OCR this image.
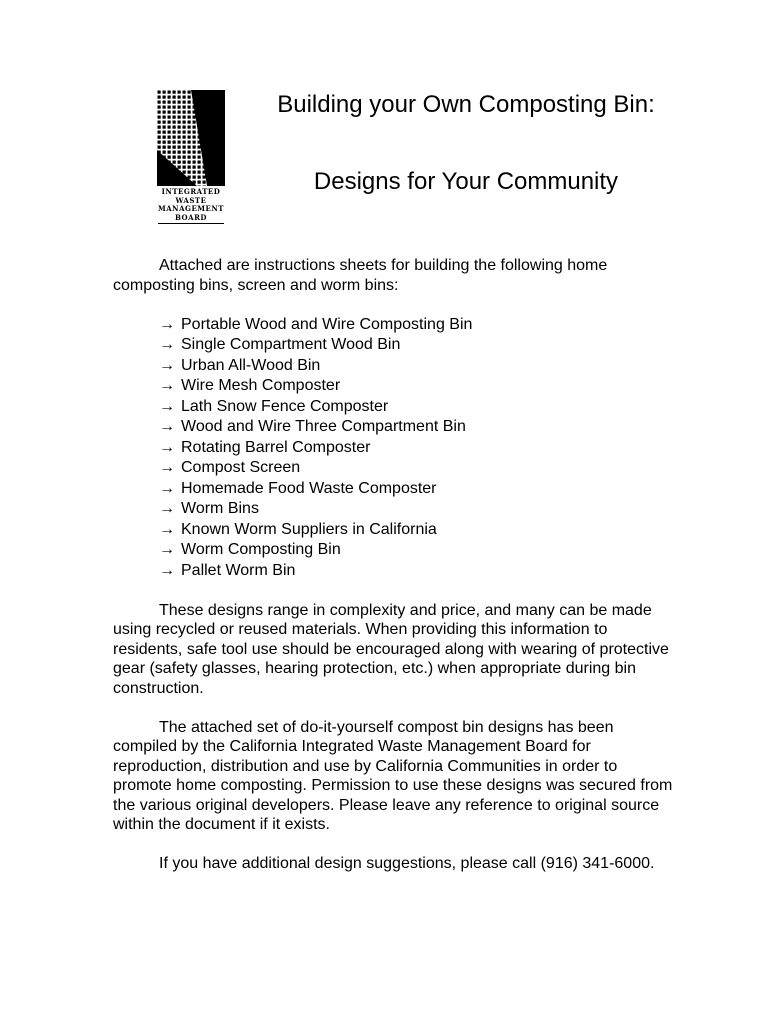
INTEGRATED
WASTE
MANAGEMENT
BOARD
Building your Own Composting Bin:
Designs for Your Community

Attached are instructions sheets for building the following home composting bins, screen and worm bins:

→ Portable Wood and Wire Composting Bin
→ Single Compartment Wood Bin
→ Urban All-Wood Bin
→ Wire Mesh Composter
→ Lath Snow Fence Composter
→ Wood and Wire Three Compartment Bin
→ Rotating Barrel Composter
→ Compost Screen
→ Homemade Food Waste Composter
→ Worm Bins
→ Known Worm Suppliers in California
→ Worm Composting Bin
→ Pallet Worm Bin

These designs range in complexity and price, and many can be made using recycled or reused materials. When providing this information to residents, safe tool use should be encouraged along with wearing of protective gear (safety glasses, hearing protection, etc.) when appropriate during bin construction.

The attached set of do-it-yourself compost bin designs has been compiled by the California Integrated Waste Management Board for reproduction, distribution and use by California Communities in order to promote home composting. Permission to use these designs was secured from the various original developers. Please leave any reference to original source within the document if it exists.

If you have additional design suggestions, please call (916) 341-6000.
